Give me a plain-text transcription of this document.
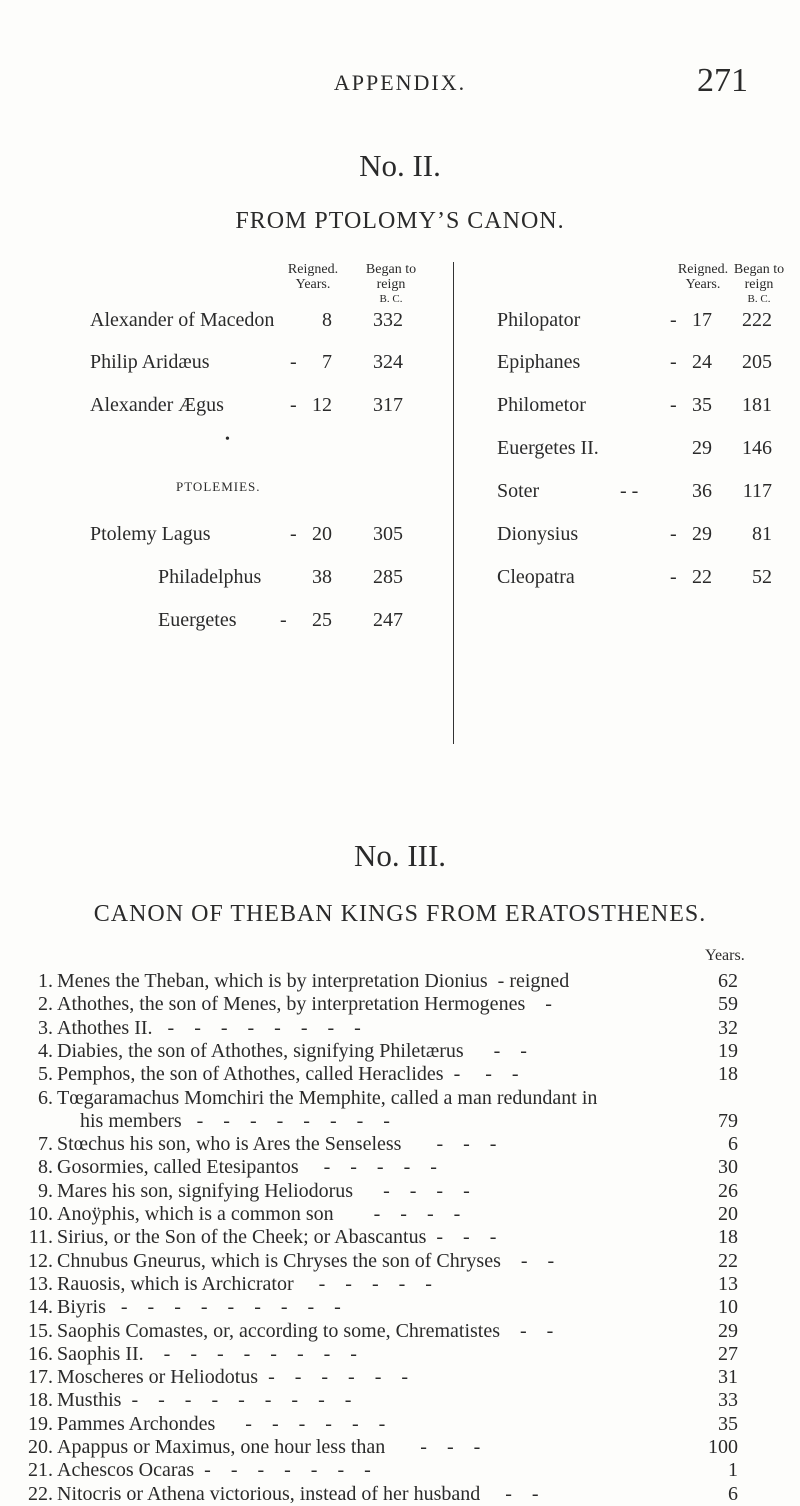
APPENDIX.	271
No. II.
FROM PTOLOMY’S CANON.
Reigned.
Years.
Began to
reign
B. C.
Reigned.
Years.
Began to
reign
B. C.
Alexander of Macedon	8	332
Philip Aridæus	-	7	324
Alexander Ægus	- 12	317
•
PTOLEMIES.
Ptolemy Lagus	- 20	305
Philadelphus	38	285
Euergetes -	25	247
Philopator	- 17	222
Epiphanes	- 24	205
Philometor	- 35	181
Euergetes II.	29	146
Soter	- -	36	117
Dionysius	- 29	81
Cleopatra	- 22	52
No. III.
CANON OF THEBAN KINGS FROM ERATOSTHENES.
Years.
1. Menes the Theban, which is by interpretation Dionius  - reigned	62
2. Athothes, the son of Menes, by interpretation Hermogenes    -	59
3. Athothes II.   -    -    -    -    -    -    -    -	32
4. Diabies, the son of Athothes, signifying Philetærus      -    -	19
5. Pemphos, the son of Athothes, called Heraclides  -     -    -	18
6. Tœgaramachus Momchiri the Memphite, called a man redundant in
his members   -    -    -    -    -    -    -    -	79
7. Stœchus his son, who is Ares the Senseless       -    -    -	6
8. Gosormies, called Etesipantos     -    -    -    -    -	30
9. Mares his son, signifying Heliodorus      -    -    -    -	26
10. Anoÿphis, which is a common son        -    -    -    -	20
11. Sirius, or the Son of the Cheek; or Abascantus  -    -    -	18
12. Chnubus Gneurus, which is Chryses the son of Chryses    -    -	22
13. Rauosis, which is Archicrator     -    -    -    -    -	13
14. Biyris   -    -    -    -    -    -    -    -    -	10
15. Saophis Comastes, or, according to some, Chrematistes    -    -	29
16. Saophis II.    -    -    -    -    -    -    -    -	27
17. Moscheres or Heliodotus  -    -    -    -    -    -	31
18. Musthis  -    -    -    -    -    -    -    -    -	33
19. Pammes Archondes      -    -    -    -    -    -	35
20. Apappus or Maximus, one hour less than       -    -    -	100
21. Achescos Ocaras  -    -    -    -    -    -    -	1
22. Nitocris or Athena victorious, instead of her husband     -    -	6
